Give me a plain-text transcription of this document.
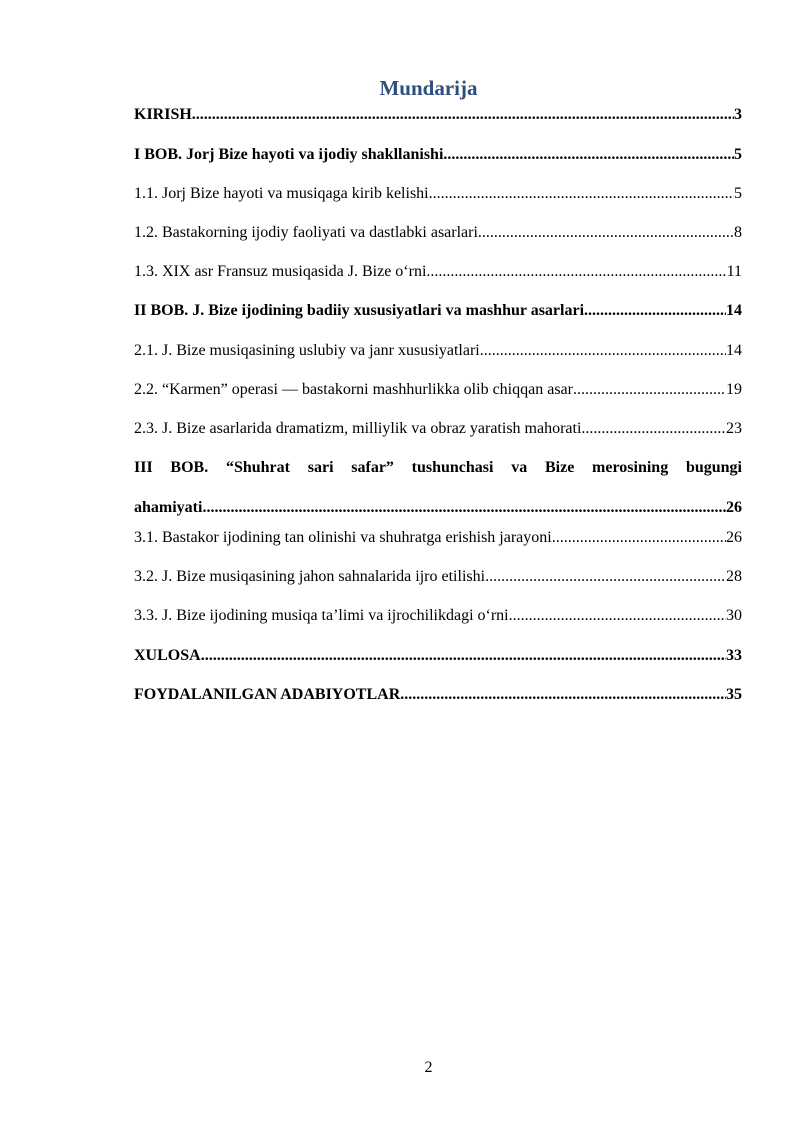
Mundarija
KIRISH .....	3
I BOB. Jorj Bize hayoti va ijodiy shakllanishi .....	5
1.1. Jorj Bize hayoti va musiqaga kirib kelishi .....	5
1.2. Bastakorning ijodiy faoliyati va dastlabki asarlari .....	8
1.3. XIX asr Fransuz musiqasida J. Bize o‘rni .....	11
II BOB. J. Bize ijodining badiiy xususiyatlari va mashhur asarlari .....	14
2.1. J. Bize musiqasining uslubiy va janr xususiyatlari .....	14
2.2. “Karmen” operasi — bastakorni mashhurlikka olib chiqqan asar .....	19
2.3. J. Bize asarlarida dramatizm, milliylik va obraz yaratish mahorati .....	23
III BOB. “Shuhrat sari safar” tushunchasi va Bize merosining bugungi
ahamiyati .....	26
3.1. Bastakor ijodining tan olinishi va shuhratga erishish jarayoni .....	26
3.2. J. Bize musiqasining jahon sahnalarida ijro etilishi .....	28
3.3. J. Bize ijodining musiqa ta’limi va ijrochilikdagi o‘rni .....	30
XULOSA .....	33
FOYDALANILGAN ADABIYOTLAR .....	35
2
